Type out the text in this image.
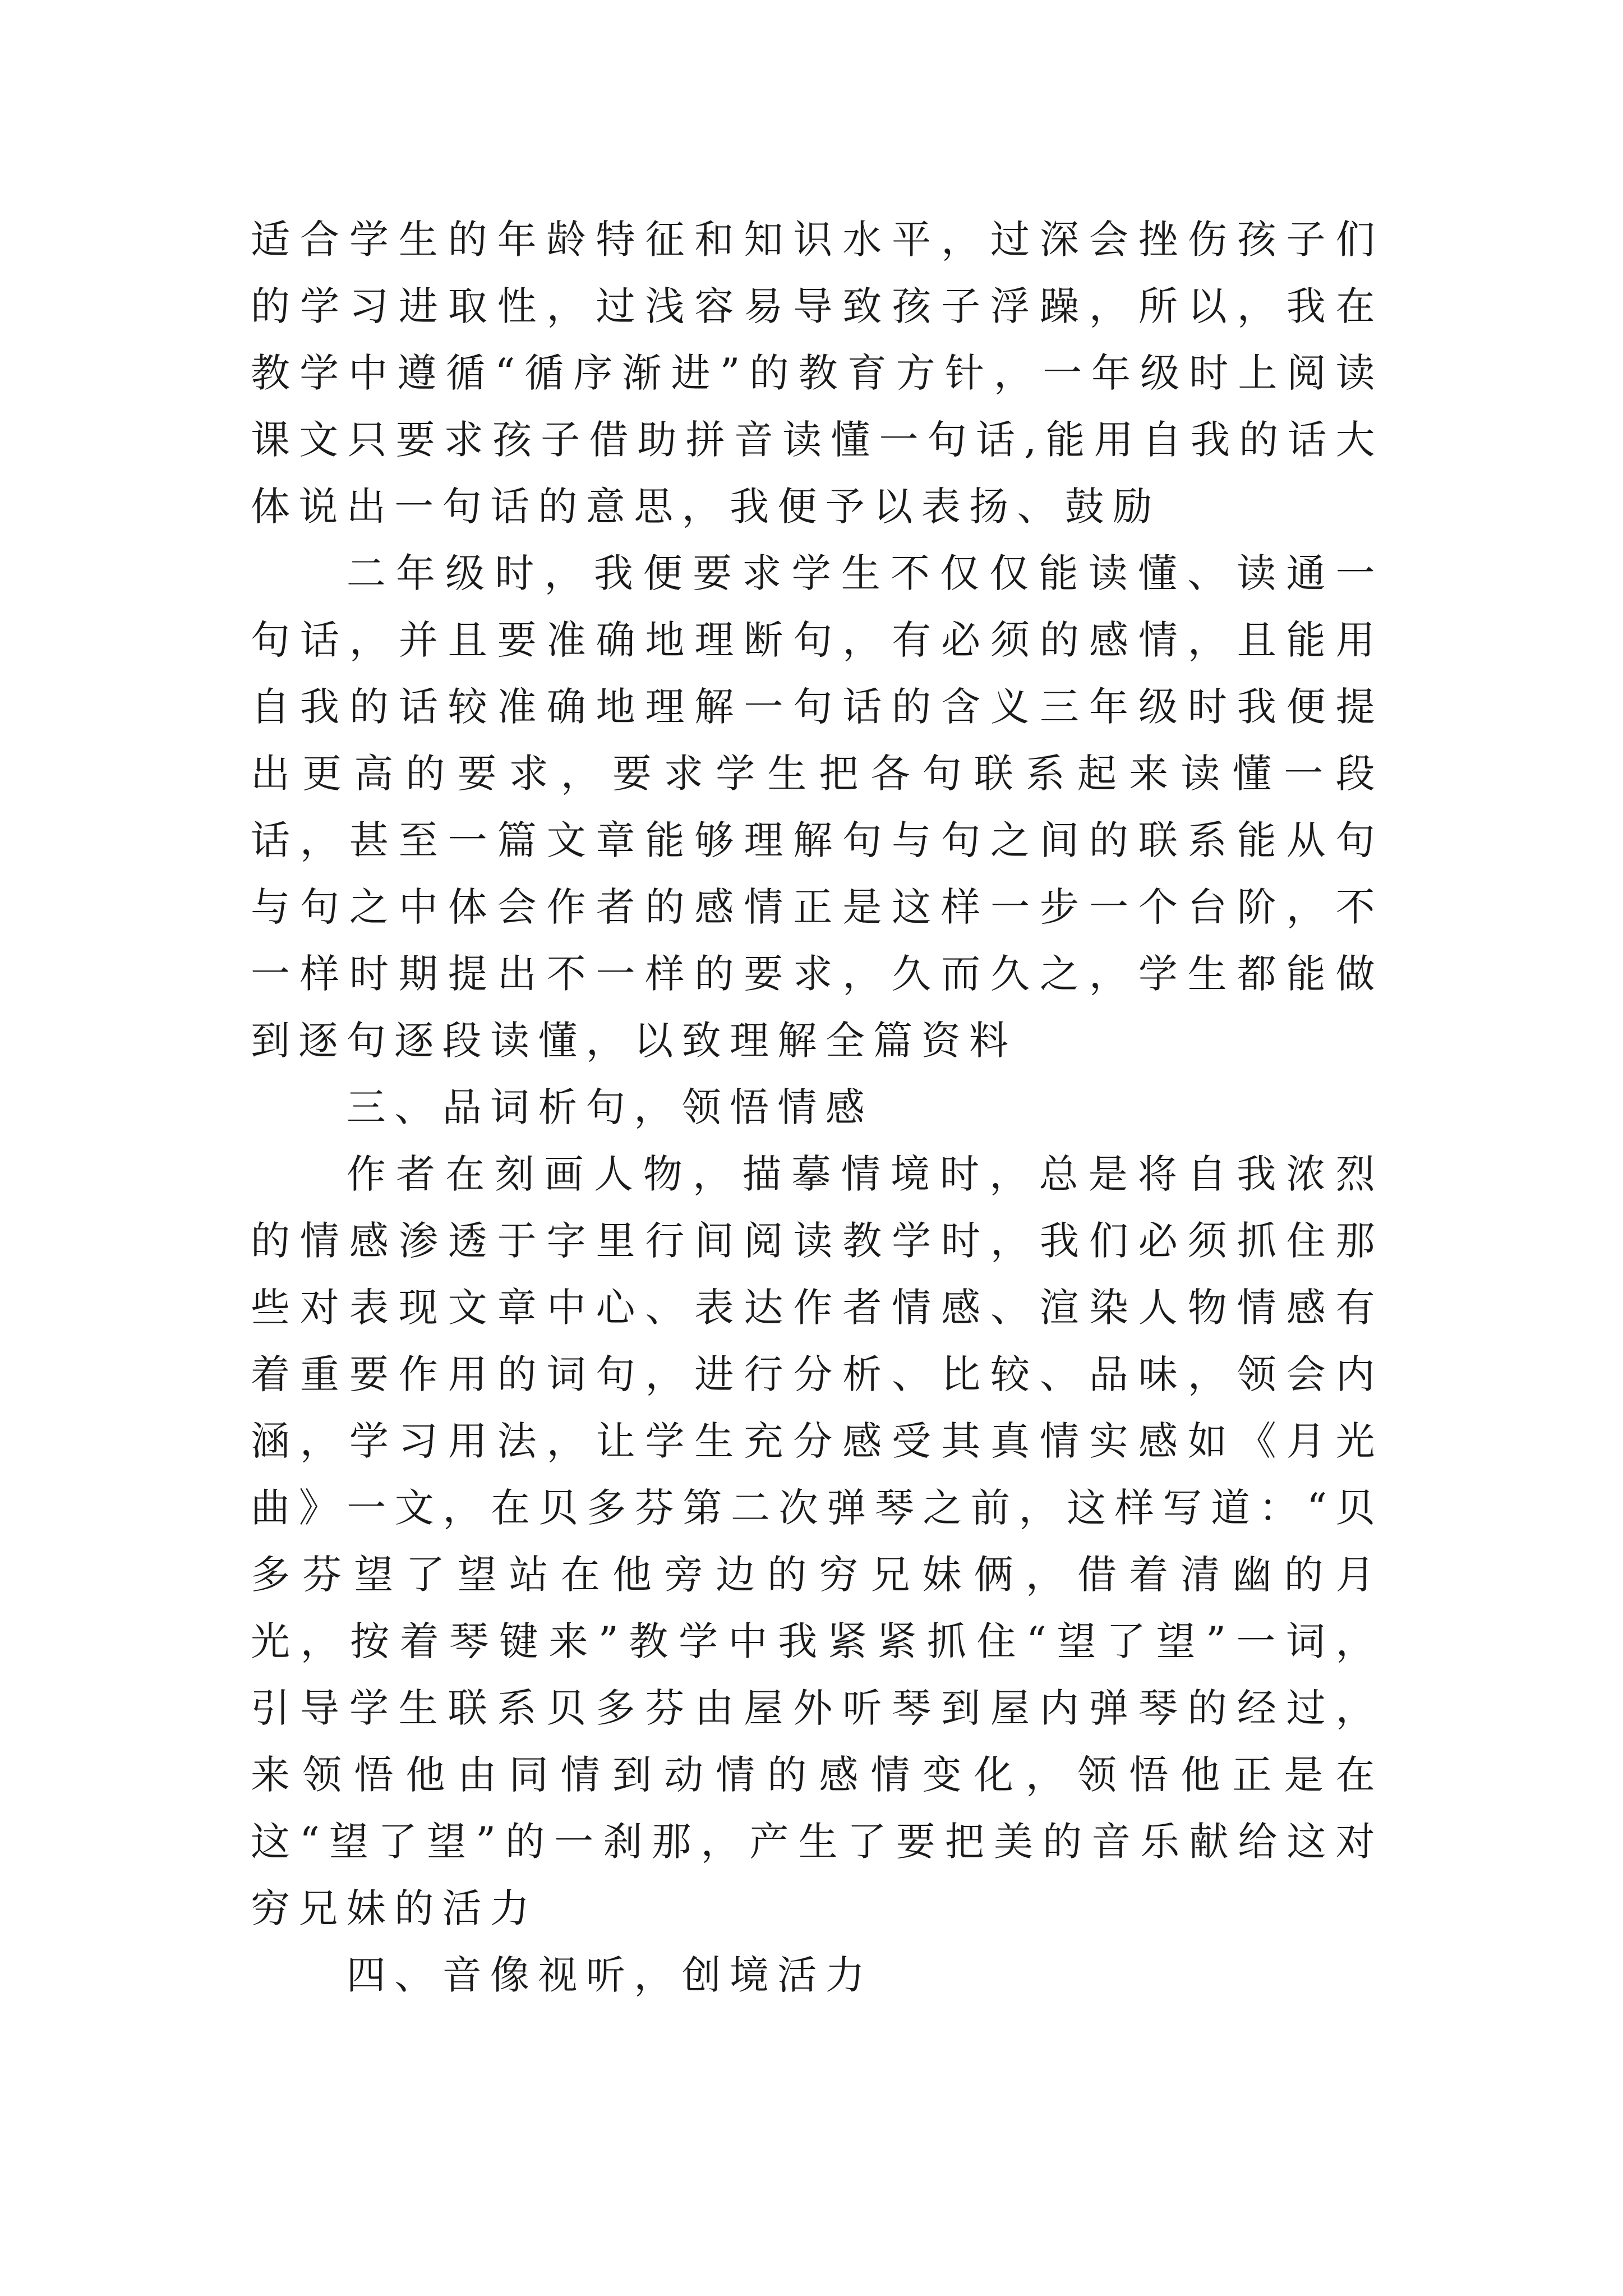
适合学生的年龄特征和知识水平，过深会挫伤孩子们的学习进取性，过浅容易导致孩子浮躁，所以，我在教学中遵循“循序渐进”的教育方针，一年级时上阅读课文只要求孩子借助拼音读懂一句话,能用自我的话大体说出一句话的意思，我便予以表扬、鼓励

二年级时，我便要求学生不仅仅能读懂、读通一句话，并且要准确地理断句，有必须的感情，且能用自我的话较准确地理解一句话的含义三年级时我便提出更高的要求，要求学生把各句联系起来读懂一段话，甚至一篇文章能够理解句与句之间的联系能从句与句之中体会作者的感情正是这样一步一个台阶，不一样时期提出不一样的要求，久而久之，学生都能做到逐句逐段读懂，以致理解全篇资料

三、品词析句，领悟情感

作者在刻画人物，描摹情境时，总是将自我浓烈的情感渗透于字里行间阅读教学时，我们必须抓住那些对表现文章中心、表达作者情感、渲染人物情感有着重要作用的词句，进行分析、比较、品味，领会内涵，学习用法，让学生充分感受其真情实感如《月光曲》一文，在贝多芬第二次弹琴之前，这样写道：“贝多芬望了望站在他旁边的穷兄妹俩，借着清幽的月光，按着琴键来”教学中我紧紧抓住“望了望”一词，引导学生联系贝多芬由屋外听琴到屋内弹琴的经过，来领悟他由同情到动情的感情变化，领悟他正是在这“望了望”的一刹那，产生了要把美的音乐献给这对穷兄妹的活力

四、音像视听，创境活力
